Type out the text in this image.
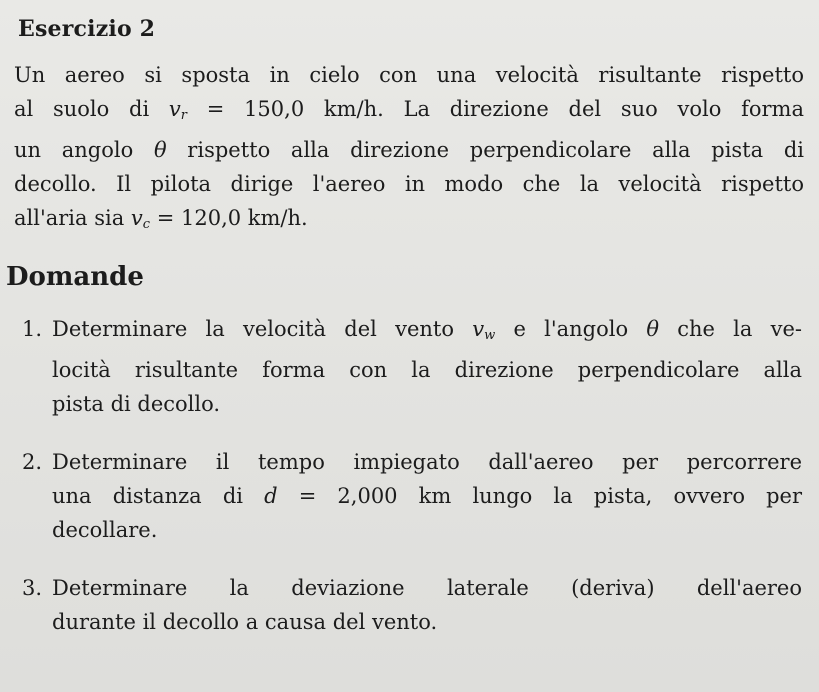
Esercizio 2
Un aereo si sposta in cielo con una velocità risultante rispetto
al suolo di $v_r = 150,0$ km/h. La direzione del suo volo forma
un angolo θ rispetto alla direzione perpendicolare alla pista di
decollo. Il pilota dirige l'aereo in modo che la velocità rispetto
all'aria sia $v_c = 120,0$ km/h.
Domande
1. Determinare la velocità del vento $v_w$ e l'angolo θ che la ve-
locità risultante forma con la direzione perpendicolare alla
pista di decollo.
2. Determinare il tempo impiegato dall'aereo per percorrere
una distanza di d = 2,000 km lungo la pista, ovvero per
decollare.
3. Determinare la deviazione laterale (deriva) dell'aereo
durante il decollo a causa del vento.
